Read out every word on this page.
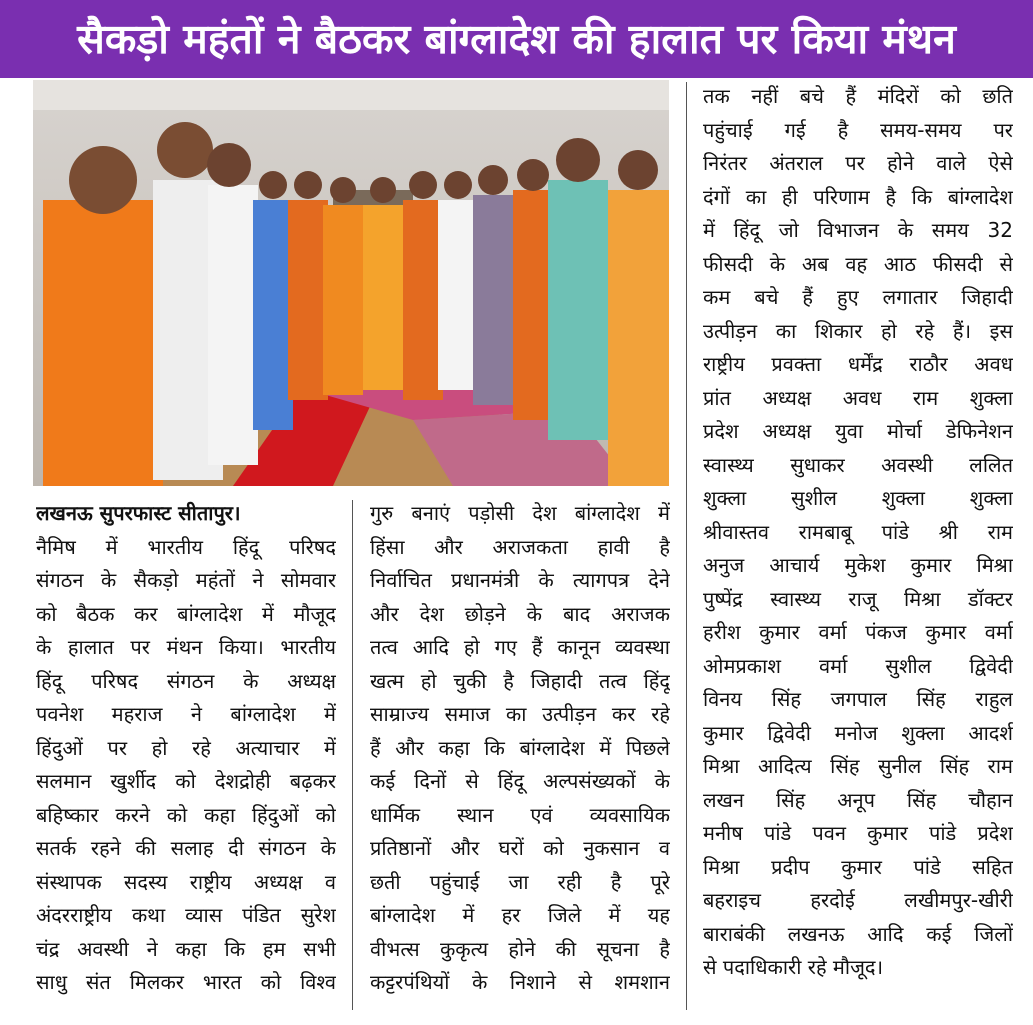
सैकड़ो महंतों ने बैठकर बांग्लादेश की हालात पर किया मंथन
लखनऊ सुपरफास्ट सीतापुर।
नैमिष में भारतीय हिंदू परिषद
संगठन के सैकड़ो महंतों ने सोमवार
को बैठक कर बांग्लादेश में मौजूद
के हालात पर मंथन किया। भारतीय
हिंदू परिषद संगठन के अध्यक्ष
पवनेश महराज ने बांग्लादेश में
हिंदुओं पर हो रहे अत्याचार में
सलमान खुर्शीद को देशद्रोही बढ़कर
बहिष्कार करने को कहा हिंदुओं को
सतर्क रहने की सलाह दी संगठन के
संस्थापक सदस्य राष्ट्रीय अध्यक्ष व
अंदरराष्ट्रीय कथा व्यास पंडित सुरेश
चंद्र अवस्थी ने कहा कि हम सभी
साधु संत मिलकर भारत को विश्व
गुरु बनाएं पड़ोसी देश बांग्लादेश में
हिंसा और अराजकता हावी है
निर्वाचित प्रधानमंत्री के त्यागपत्र देने
और देश छोड़ने के बाद अराजक
तत्व आदि हो गए हैं कानून व्यवस्था
खत्म हो चुकी है जिहादी तत्व हिंदू
साम्राज्य समाज का उत्पीड़न कर रहे
हैं और कहा कि बांग्लादेश में पिछले
कई दिनों से हिंदू अल्पसंख्यकों के
धार्मिक स्थान एवं व्यवसायिक
प्रतिष्ठानों और घरों को नुकसान व
छती पहुंचाई जा रही है पूरे
बांग्लादेश में हर जिले में यह
वीभत्स कुकृत्य होने की सूचना है
कट्टरपंथियों के निशाने से शमशान
तक नहीं बचे हैं मंदिरों को छति
पहुंचाई गई है समय-समय पर
निरंतर अंतराल पर होने वाले ऐसे
दंगों का ही परिणाम है कि बांग्लादेश
में हिंदू जो विभाजन के समय 32
फीसदी के अब वह आठ फीसदी से
कम बचे हैं हुए लगातार जिहादी
उत्पीड़न का शिकार हो रहे हैं। इस
राष्ट्रीय प्रवक्ता धर्मेंद्र राठौर अवध
प्रांत अध्यक्ष अवध राम शुक्ला
प्रदेश अध्यक्ष युवा मोर्चा डेफिनेशन
स्वास्थ्य सुधाकर अवस्थी ललित
शुक्ला सुशील शुक्ला शुक्ला
श्रीवास्तव रामबाबू पांडे श्री राम
अनुज आचार्य मुकेश कुमार मिश्रा
पुष्पेंद्र स्वास्थ्य राजू मिश्रा डॉक्टर
हरीश कुमार वर्मा पंकज कुमार वर्मा
ओमप्रकाश वर्मा सुशील द्विवेदी
विनय सिंह जगपाल सिंह राहुल
कुमार द्विवेदी मनोज शुक्ला आदर्श
मिश्रा आदित्य सिंह सुनील सिंह राम
लखन सिंह अनूप सिंह चौहान
मनीष पांडे पवन कुमार पांडे प्रदेश
मिश्रा प्रदीप कुमार पांडे सहित
बहराइच हरदोई लखीमपुर-खीरी
बाराबंकी लखनऊ आदि कई जिलों
से पदाधिकारी रहे मौजूद।
